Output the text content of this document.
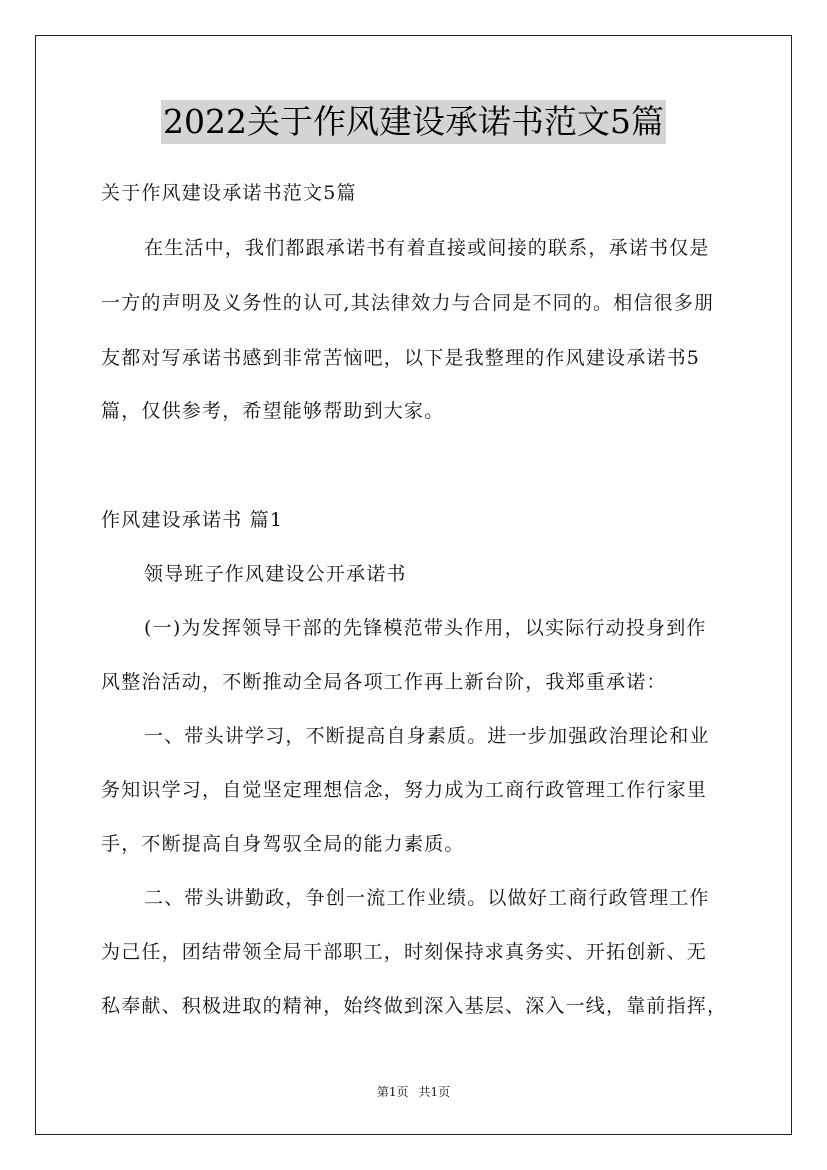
2022关于作风建设承诺书范文5篇
关于作风建设承诺书范文5篇
在生活中，我们都跟承诺书有着直接或间接的联系，承诺书仅是
一方的声明及义务性的认可,其法律效力与合同是不同的。相信很多朋
友都对写承诺书感到非常苦恼吧，以下是我整理的作风建设承诺书5
篇，仅供参考，希望能够帮助到大家。
作风建设承诺书 篇1
领导班子作风建设公开承诺书
(一)为发挥领导干部的先锋模范带头作用，以实际行动投身到作
风整治活动，不断推动全局各项工作再上新台阶，我郑重承诺：
一、带头讲学习，不断提高自身素质。进一步加强政治理论和业
务知识学习，自觉坚定理想信念，努力成为工商行政管理工作行家里
手，不断提高自身驾驭全局的能力素质。
二、带头讲勤政，争创一流工作业绩。以做好工商行政管理工作
为己任，团结带领全局干部职工，时刻保持求真务实、开拓创新、无
私奉献、积极进取的精神，始终做到深入基层、深入一线，靠前指挥，
第1页 共1页
